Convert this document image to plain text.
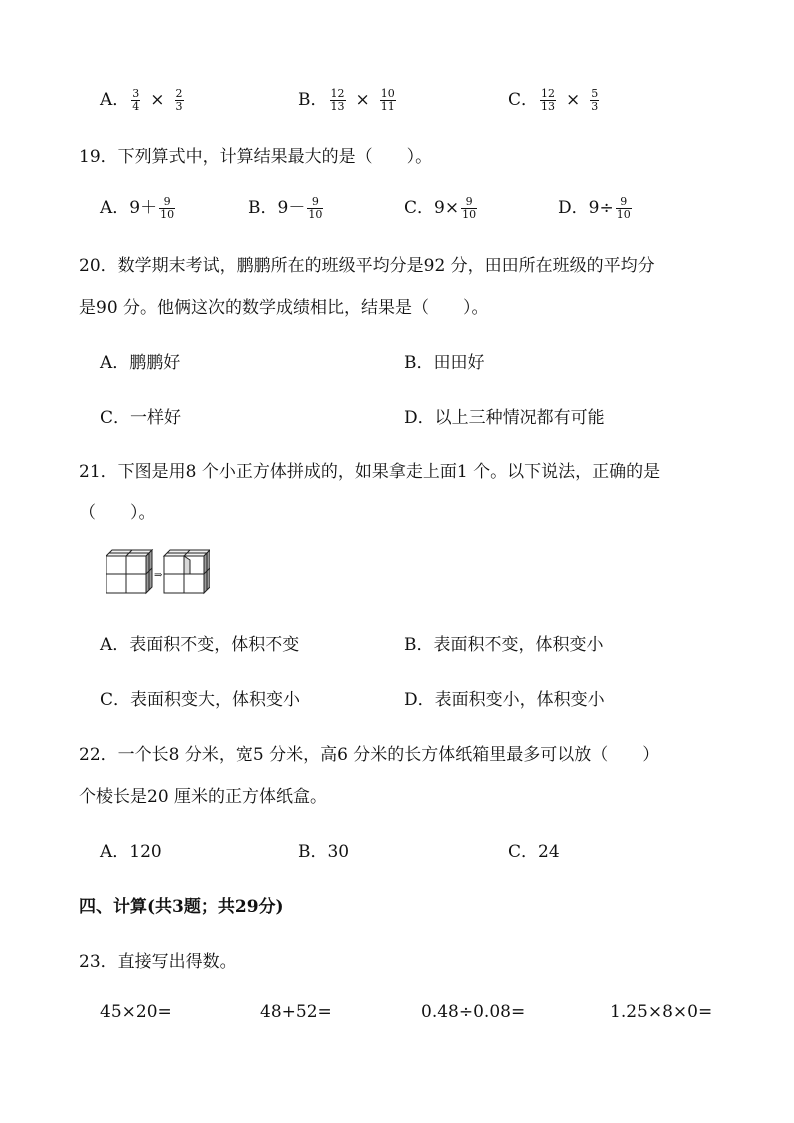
A． $\frac{3}{4} \times \frac{2}{3}$	B． $\frac{12}{13} \times \frac{10}{11}$	C． $\frac{12}{13} \times \frac{5}{3}$
19．下列算式中，计算结果最大的是（　　）。
A．$9+ \frac{9}{10}$	B．$9- \frac{9}{10}$	C．$9\times \frac{9}{10}$	D．$9\div \frac{9}{10}$
20．数学期末考试，鹏鹏所在的班级平均分是92 分，田田所在班级的平均分
是90 分。他俩这次的数学成绩相比，结果是（　　）。
A．鹏鹏好	B．田田好
C．一样好	D．以上三种情况都有可能
21．下图是用8 个小正方体拼成的，如果拿走上面1 个。以下说法，正确的是
（　　）。
⇒
A．表面积不变，体积不变	B．表面积不变，体积变小
C．表面积变大，体积变小	D．表面积变小，体积变小
22．一个长8 分米，宽5 分米，高6 分米的长方体纸箱里最多可以放（　　）
个棱长是20 厘米的正方体纸盒。
A．120	B．30	C．24
四、计算(共3题；共29分)
23．直接写出得数。
45×20=	48+52=	0.48÷0.08=	1.25×8×0=
